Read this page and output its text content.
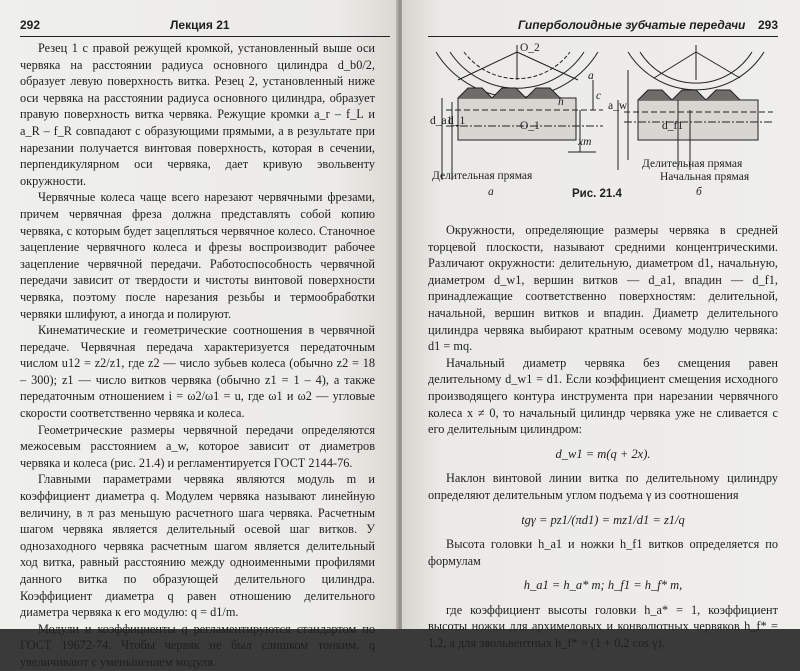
292	Лекция 21

Резец 1 с правой режущей кромкой, установленный выше оси червяка на расстоянии радиуса основного цилиндра d_b0/2, образует левую поверхность витка. Резец 2, установленный ниже оси червяка на расстоянии радиуса основного цилиндра, образует правую поверхность витка червяка. Режущие кромки a_r – f_L и a_R – f_R совпадают с образующими прямыми, а в результате при нарезании получается винтовая поверхность, которая в сечении, перпендикулярном оси червяка, дает кривую эвольвенту окружности.

Червячные колеса чаще всего нарезают червячными фрезами, причем червячная фреза должна представлять собой копию червяка, с которым будет зацепляться червячное колесо. Станочное зацепление червячного колеса и фрезы воспроизводит рабочее зацепление червячной передачи. Работоспособность червячной передачи зависит от твердости и чистоты винтовой поверхности червяка, поэтому после нарезания резьбы и термообработки червяки шлифуют, а иногда и полируют.

Кинематические и геометрические соотношения в червячной передаче. Червячная передача характеризуется передаточным числом u12 = z2/z1, где z2 — число зубьев колеса (обычно z2 = 18 – 300); z1 — число витков червяка (обычно z1 = 1 – 4), а также передаточным отношением i = ω2/ω1 = u, где ω1 и ω2 — угловые скорости соответственно червяка и колеса.

Геометрические размеры червячной передачи определяются межосевым расстоянием a_w, которое зависит от диаметров червяка и колеса (рис. 21.4) и регламентируется ГОСТ 2144-76.

Главными параметрами червяка являются модуль m и коэффициент диаметра q. Модулем червяка называют линейную величину, в π раз меньшую расчетного шага червяка. Расчетным шагом червяка является делительный осевой шаг витков. У однозаходного червяка расчетным шагом является делительный ход витка, равный расстоянию между одноименными профилями данного витка по образующей делительного цилиндра. Коэффициент диаметра q равен отношению делительного диаметра червяка к его модулю: q = d1/m.

Модули и коэффициенты q регламентируются стандартом по ГОСТ 19672-74. Чтобы червяк не был слишком тонким, q увеличивают с уменьшением модуля.

Гиперболоидные зубчатые передачи 293
O_2
O_1
d_a1
d_1
a
c
h
xm
a_w
d_f1
Делительная прямая
а
Делительная прямая
Начальная прямая
б
Рис. 21.4

Окружности, определяющие размеры червяка в средней торцевой плоскости, называют средними концентрическими. Различают окружности: делительную, диаметром d1, начальную, диаметром d_w1, вершин витков — d_a1, впадин — d_f1, принадлежащие соответственно поверхностям: делительной, начальной, вершин витков и впадин. Диаметр делительного цилиндра червяка выбирают кратным осевому модулю червяка: d1 = mq.

Начальный диаметр червяка без смещения равен делительному d_w1 = d1. Если коэффициент смещения исходного производящего контура инструмента при нарезании червячного колеса x ≠ 0, то начальный цилиндр червяка уже не сливается с его делительным цилиндром:

d_w1 = m(q + 2x).

Наклон винтовой линии витка по делительному цилиндру определяют делительным углом подъема γ из соотношения

tgγ = pz1/(πd1) = mz1/d1 = z1/q

Высота головки h_a1 и ножки h_f1 витков определяется по формулам

h_a1 = h_a* m; h_f1 = h_f* m,

где коэффициент высоты головки h_a* = 1, коэффициент высоты ножки для архимедовых и конволютных червяков h_f* = 1,2, а для эвольвентных h_f* = (1 + 0,2 cos γ).
